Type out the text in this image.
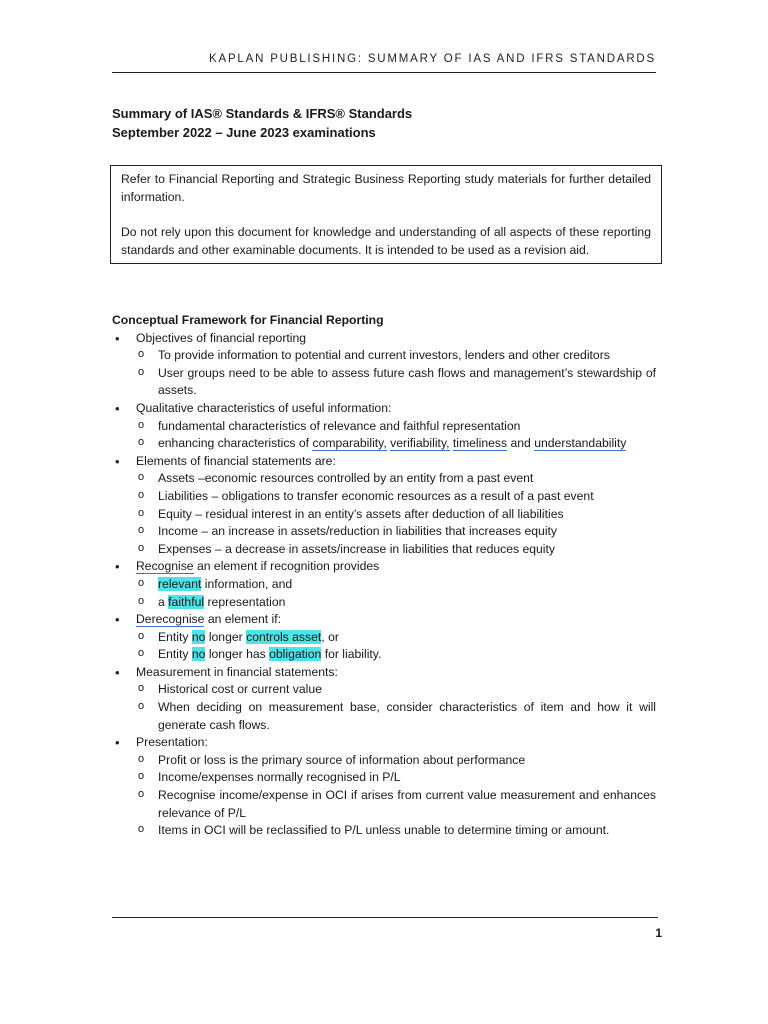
KAPLAN PUBLISHING: SUMMARY OF IAS AND IFRS STANDARDS
Summary of IAS® Standards & IFRS® Standards
September 2022 – June 2023 examinations

Refer to Financial Reporting and Strategic Business Reporting study materials for further detailed information.

Do not rely upon this document for knowledge and understanding of all aspects of these reporting standards and other examinable documents. It is intended to be used as a revision aid.

Conceptual Framework for Financial Reporting
• Objectives of financial reporting
o To provide information to potential and current investors, lenders and other creditors
o User groups need to be able to assess future cash flows and management’s stewardship of assets.
• Qualitative characteristics of useful information:
o fundamental characteristics of relevance and faithful representation
o enhancing characteristics of comparability, verifiability, timeliness and understandability
• Elements of financial statements are:
o Assets –economic resources controlled by an entity from a past event
o Liabilities – obligations to transfer economic resources as a result of a past event
o Equity – residual interest in an entity’s assets after deduction of all liabilities
o Income – an increase in assets/reduction in liabilities that increases equity
o Expenses – a decrease in assets/increase in liabilities that reduces equity
• Recognise an element if recognition provides
o relevant information, and
o a faithful representation
• Derecognise an element if:
o Entity no longer controls asset, or
o Entity no longer has obligation for liability.
• Measurement in financial statements:
o Historical cost or current value
o When deciding on measurement base, consider characteristics of item and how it will generate cash flows.
• Presentation:
o Profit or loss is the primary source of information about performance
o Income/expenses normally recognised in P/L
o Recognise income/expense in OCI if arises from current value measurement and enhances relevance of P/L
o Items in OCI will be reclassified to P/L unless unable to determine timing or amount.
1
